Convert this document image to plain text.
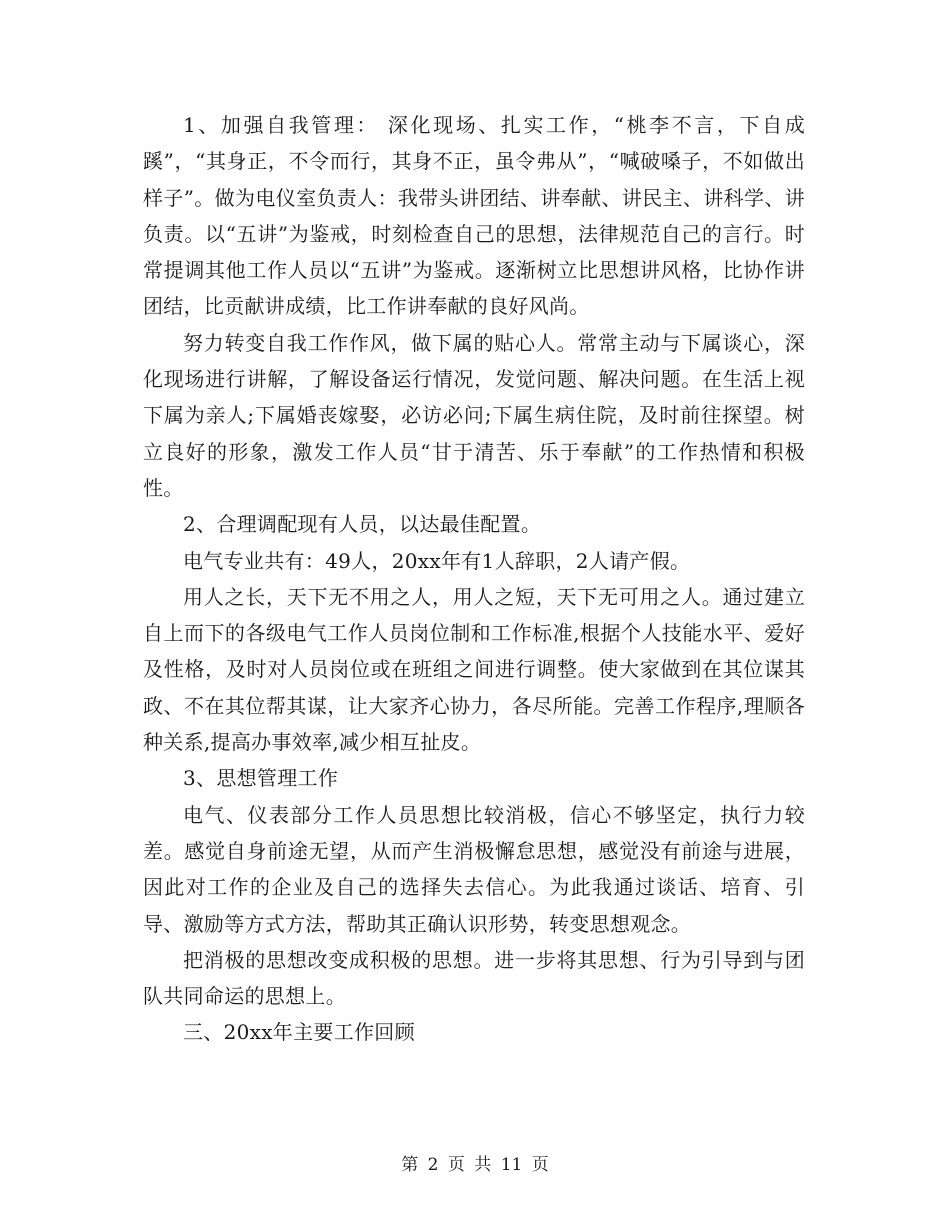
1、加强自我管理： 深化现场、扎实工作，“桃李不言，下自成蹊”，“其身正，不令而行，其身不正，虽令弗从”，“喊破嗓子，不如做出样子”。做为电仪室负责人：我带头讲团结、讲奉献、讲民主、讲科学、讲负责。以“五讲”为鉴戒，时刻检查自己的思想，法律规范自己的言行。时常提调其他工作人员以“五讲”为鉴戒。逐渐树立比思想讲风格，比协作讲团结，比贡献讲成绩，比工作讲奉献的良好风尚。

努力转变自我工作作风，做下属的贴心人。常常主动与下属谈心，深化现场进行讲解，了解设备运行情况，发觉问题、解决问题。在生活上视下属为亲人;下属婚丧嫁娶，必访必问;下属生病住院，及时前往探望。树立良好的形象，激发工作人员“甘于清苦、乐于奉献”的工作热情和积极性。

2、合理调配现有人员，以达最佳配置。

电气专业共有：49人，20xx年有1人辞职，2人请产假。

用人之长，天下无不用之人，用人之短，天下无可用之人。通过建立自上而下的各级电气工作人员岗位制和工作标准,根据个人技能水平、爱好及性格，及时对人员岗位或在班组之间进行调整。使大家做到在其位谋其政、不在其位帮其谋，让大家齐心协力，各尽所能。完善工作程序,理顺各种关系,提高办事效率,减少相互扯皮。

3、思想管理工作

电气、仪表部分工作人员思想比较消极，信心不够坚定，执行力较差。感觉自身前途无望，从而产生消极懈怠思想，感觉没有前途与进展，因此对工作的企业及自己的选择失去信心。为此我通过谈话、培育、引导、激励等方式方法，帮助其正确认识形势，转变思想观念。

把消极的思想改变成积极的思想。进一步将其思想、行为引导到与团队共同命运的思想上。

三、20xx年主要工作回顾

第 2 页 共 11 页
